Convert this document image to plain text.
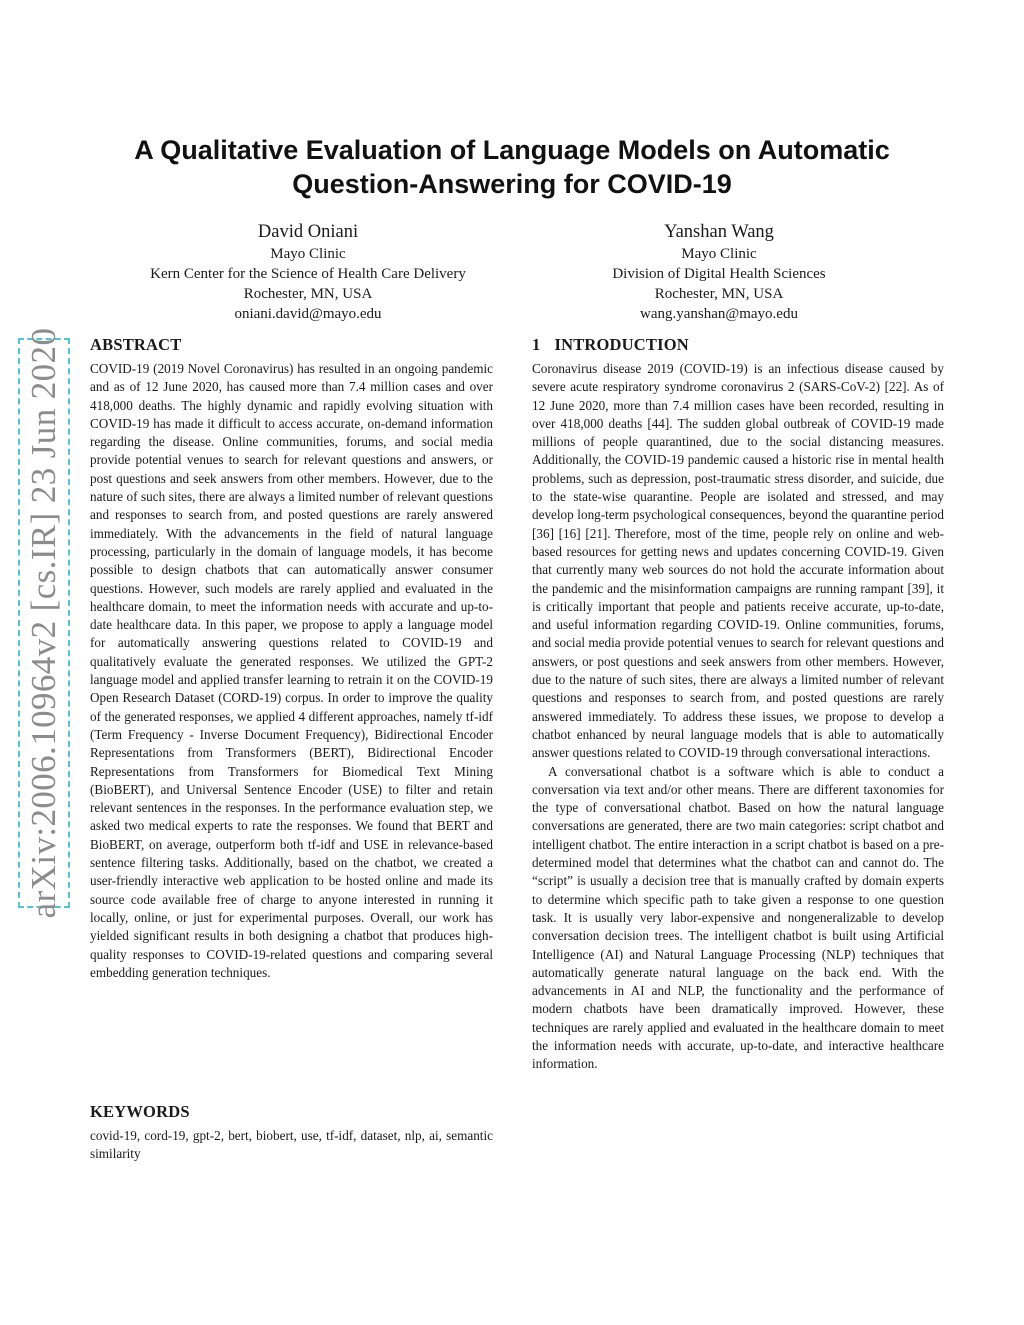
A Qualitative Evaluation of Language Models on Automatic Question-Answering for COVID-19
David Oniani
Mayo Clinic
Kern Center for the Science of Health Care Delivery
Rochester, MN, USA
oniani.david@mayo.edu
Yanshan Wang
Mayo Clinic
Division of Digital Health Sciences
Rochester, MN, USA
wang.yanshan@mayo.edu
arXiv:2006.10964v2 [cs.IR] 23 Jun 2020 ABSTRACT

COVID-19 (2019 Novel Coronavirus) has resulted in an ongoing pandemic and as of 12 June 2020, has caused more than 7.4 million cases and over 418,000 deaths. The highly dynamic and rapidly evolving situation with COVID-19 has made it difficult to access accurate, on-demand information regarding the disease. Online communities, forums, and social media provide potential venues to search for relevant questions and answers, or post questions and seek answers from other members. However, due to the nature of such sites, there are always a limited number of relevant questions and responses to search from, and posted questions are rarely answered immediately. With the advancements in the field of natural language processing, particularly in the domain of language models, it has become possible to design chatbots that can automatically answer consumer questions. However, such models are rarely applied and evaluated in the healthcare domain, to meet the information needs with accurate and up-to-date healthcare data. In this paper, we propose to apply a language model for automatically answering questions related to COVID-19 and qualitatively evaluate the generated responses. We utilized the GPT-2 language model and applied transfer learning to retrain it on the COVID-19 Open Research Dataset (CORD-19) corpus. In order to improve the quality of the generated responses, we applied 4 different approaches, namely tf-idf (Term Frequency - Inverse Document Frequency), Bidirectional Encoder Representations from Transformers (BERT), Bidirectional Encoder Representations from Transformers for Biomedical Text Mining (BioBERT), and Universal Sentence Encoder (USE) to filter and retain relevant sentences in the responses. In the performance evaluation step, we asked two medical experts to rate the responses. We found that BERT and BioBERT, on average, outperform both tf-idf and USE in relevance-based sentence filtering tasks. Additionally, based on the chatbot, we created a user-friendly interactive web application to be hosted online and made its source code available free of charge to anyone interested in running it locally, online, or just for experimental purposes. Overall, our work has yielded significant results in both designing a chatbot that produces high-quality responses to COVID-19-related questions and comparing several embedding generation techniques.

KEYWORDS

covid-19, cord-19, gpt-2, bert, biobert, use, tf-idf, dataset, nlp, ai, semantic similarity

1 INTRODUCTION

Coronavirus disease 2019 (COVID-19) is an infectious disease caused by severe acute respiratory syndrome coronavirus 2 (SARS-CoV-2) [22]. As of 12 June 2020, more than 7.4 million cases have been recorded, resulting in over 418,000 deaths [44]. The sudden global outbreak of COVID-19 made millions of people quarantined, due to the social distancing measures. Additionally, the COVID-19 pandemic caused a historic rise in mental health problems, such as depression, post-traumatic stress disorder, and suicide, due to the state-wise quarantine. People are isolated and stressed, and may develop long-term psychological consequences, beyond the quarantine period [36] [16] [21]. Therefore, most of the time, people rely on online and web-based resources for getting news and updates concerning COVID-19. Given that currently many web sources do not hold the accurate information about the pandemic and the misinformation campaigns are running rampant [39], it is critically important that people and patients receive accurate, up-to-date, and useful information regarding COVID-19. Online communities, forums, and social media provide potential venues to search for relevant questions and answers, or post questions and seek answers from other members. However, due to the nature of such sites, there are always a limited number of relevant questions and responses to search from, and posted questions are rarely answered immediately. To address these issues, we propose to develop a chatbot enhanced by neural language models that is able to automatically answer questions related to COVID-19 through conversational interactions.

A conversational chatbot is a software which is able to conduct a conversation via text and/or other means. There are different taxonomies for the type of conversational chatbot. Based on how the natural language conversations are generated, there are two main categories: script chatbot and intelligent chatbot. The entire interaction in a script chatbot is based on a pre-determined model that determines what the chatbot can and cannot do. The “script” is usually a decision tree that is manually crafted by domain experts to determine which specific path to take given a response to one question task. It is usually very labor-expensive and nongeneralizable to develop conversation decision trees. The intelligent chatbot is built using Artificial Intelligence (AI) and Natural Language Processing (NLP) techniques that automatically generate natural language on the back end. With the advancements in AI and NLP, the functionality and the performance of modern chatbots have been dramatically improved. However, these techniques are rarely applied and evaluated in the healthcare domain to meet the information needs with accurate, up-to-date, and interactive healthcare information.
